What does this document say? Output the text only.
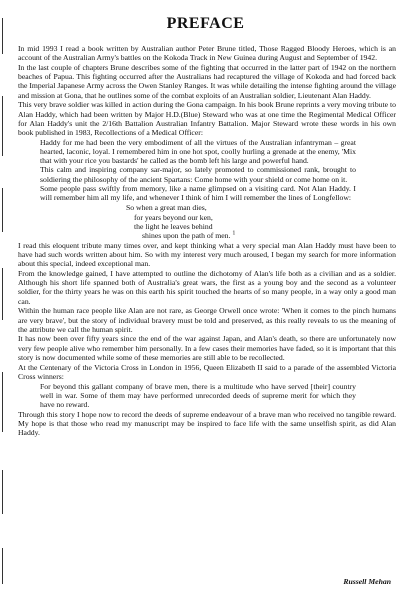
PREFACE

In mid 1993 I read a book written by Australian author Peter Brune titled, Those Ragged Bloody Heroes, which is an account of the Australian Army's battles on the Kokoda Track in New Guinea during August and September of 1942.

In the last couple of chapters Brune describes some of the fighting that occurred in the latter part of 1942 on the northern beaches of Papua. This fighting occurred after the Australians had recaptured the village of Kokoda and had forced back the Imperial Japanese Army across the Owen Stanley Ranges. It was while detailing the intense fighting around the village and mission at Gona, that he outlines some of the combat exploits of an Australian soldier, Lieutenant Alan Haddy.

This very brave soldier was killed in action during the Gona campaign. In his book Brune reprints a very moving tribute to Alan Haddy, which had been written by Major H.D.(Blue) Steward who was at one time the Regimental Medical Officer for Alan Haddy's unit the 2/16th Battalion Australian Infantry Battalion. Major Steward wrote these words in his own book published in 1983, Recollections of a Medical Officer:

Haddy for me had been the very embodiment of all the virtues of the Australian infantryman – great hearted, laconic, loyal. I remembered him in one hot spot, coolly hurling a grenade at the enemy, 'Mix that with your rice you bastards' he called as the bomb left his large and powerful hand.

This calm and inspiring company sar-major, so lately promoted to commissioned rank, brought to soldiering the philosophy of the ancient Spartans: Come home with your shield or come home on it.

Some people pass swiftly from memory, like a name glimpsed on a visiting card. Not Alan Haddy. I will remember him all my life, and whenever I think of him I will remember the lines of Longfellow:

So when a great man dies,
for years beyond our ken,
the light he leaves behind
shines upon the path of men. $^1$

I read this eloquent tribute many times over, and kept thinking what a very special man Alan Haddy must have been to have had such words written about him. So with my interest very much aroused, I began my search for more information about this special, indeed exceptional man.

From the knowledge gained, I have attempted to outline the dichotomy of Alan's life both as a civilian and as a soldier. Although his short life spanned both of Australia's great wars, the first as a young boy and the second as a volunteer soldier, for the thirty years he was on this earth his spirit touched the hearts of so many people, in a way only a good man can.

Within the human race people like Alan are not rare, as George Orwell once wrote: 'When it comes to the pinch humans are very brave', but the story of individual bravery must be told and preserved, as this really reveals to us the meaning of the attribute we call the human spirit.

It has now been over fifty years since the end of the war against Japan, and Alan's death, so there are unfortunately now very few people alive who remember him personally. In a few cases their memories have faded, so it is important that this story is now documented while some of these memories are still able to be recollected.

At the Centenary of the Victoria Cross in London in 1956, Queen Elizabeth II said to a parade of the assembled Victoria Cross winners:

For beyond this gallant company of brave men, there is a multitude who have served [their] country well in war. Some of them may have performed unrecorded deeds of supreme merit for which they have no reward.

Through this story I hope now to record the deeds of supreme endeavour of a brave man who received no tangible reward. My hope is that those who read my manuscript may be inspired to face life with the same unselfish spirit, as did Alan Haddy.

Russell Mehan
